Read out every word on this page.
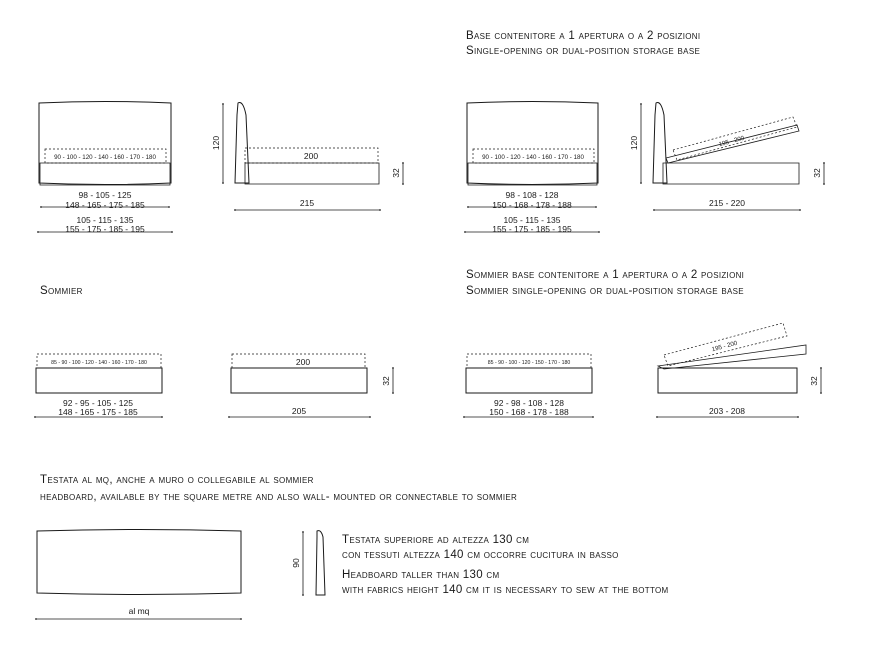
Base contenitore a 1 apertura o a 2 posizioni
Single-opening or dual-position storage base
Sommier
Sommier base contenitore a 1 apertura o a 2 posizioni
Sommier single-opening or dual-position storage base
Testata al mq, anche a muro o collegabile al sommier
headboard, available by the square metre and also wall- mounted or connectable to sommier
Testata superiore ad altezza 130 cm
con tessuti altezza 140 cm occorre cucitura in basso
Headboard taller than 130 cm
with fabrics height 140 cm it is necessary to sew at the bottom
90 - 100 - 120 - 140 - 160 - 170 - 180
98 - 105 - 125
148 - 165 - 175 - 185
105 - 115 - 135
155 - 175 - 185 - 195
120
200
32
215
90 - 100 - 120 - 140 - 160 - 170 - 180
98 - 108 - 128
150 - 168 - 178 - 188
105 - 115 - 135
155 - 175 - 185 - 195
120	195 - 200
32
215 - 220
85 - 90 - 100 - 120 - 140 - 160 - 170 - 180
92 - 95 - 105 - 125
148 - 165 - 175 - 185
200
32
205
85 - 90 - 100 - 120 - 150 - 170 - 180
92 - 98 - 108 - 128
150 - 168 - 178 - 188
195 - 200
32
203 - 208
al mq
90
